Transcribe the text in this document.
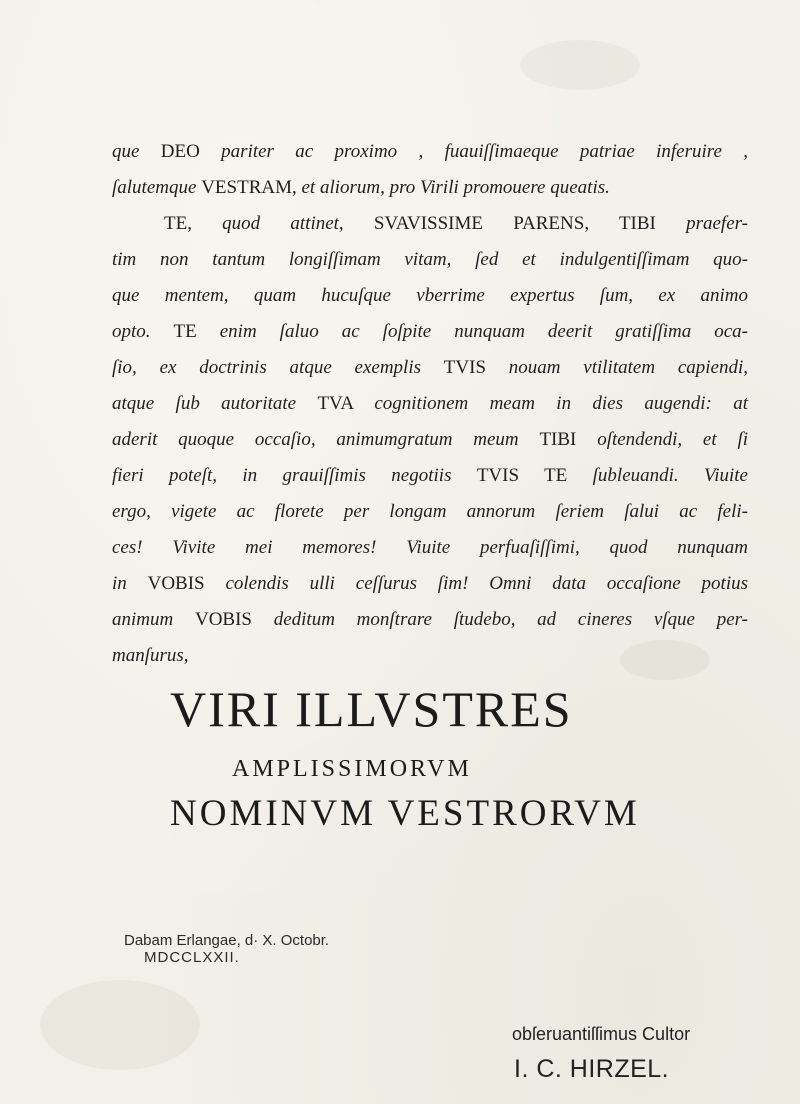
que DEO pariter ac proximo , fuauiſſimaeque patriae inferuire ,
ſalutemque VESTRAM, et aliorum, pro Virili promouere queatis.
TE, quod attinet, SVAVISSIME PARENS, TIBI praefer-
tim non tantum longiſſimam vitam, ſed et indulgentiſſimam quo-
que mentem, quam hucuſque vberrime expertus ſum, ex animo
opto. TE enim ſaluo ac ſoſpite nunquam deerit gratiſſima oca-
ſio, ex doctrinis atque exemplis TVIS nouam vtilitatem capiendi,
atque ſub autoritate TVA cognitionem meam in dies augendi: at
aderit quoque occaſio, animumgratum meum TIBI oſtendendi, et ſi
fieri poteſt, in grauiſſimis negotiis TVIS TE ſubleuandi. Viuite
ergo, vigete ac florete per longam annorum ſeriem ſalui ac feli-
ces! Vivite mei memores! Viuite perfuaſiſſimi, quod nunquam
in VOBIS colendis ulli ceſſurus ſim! Omni data occaſione potius
animum VOBIS deditum monſtrare ſtudebo, ad cineres vſque per-
manſurus,
VIRI ILLVSTRES
AMPLISSIMORVM
NOMINVM VESTRORVM
Dabam Erlangae, d· X. Octobr.
MDCCLXXII.
obſeruantiſſimus Cultor
I. C. HIRZEL.
